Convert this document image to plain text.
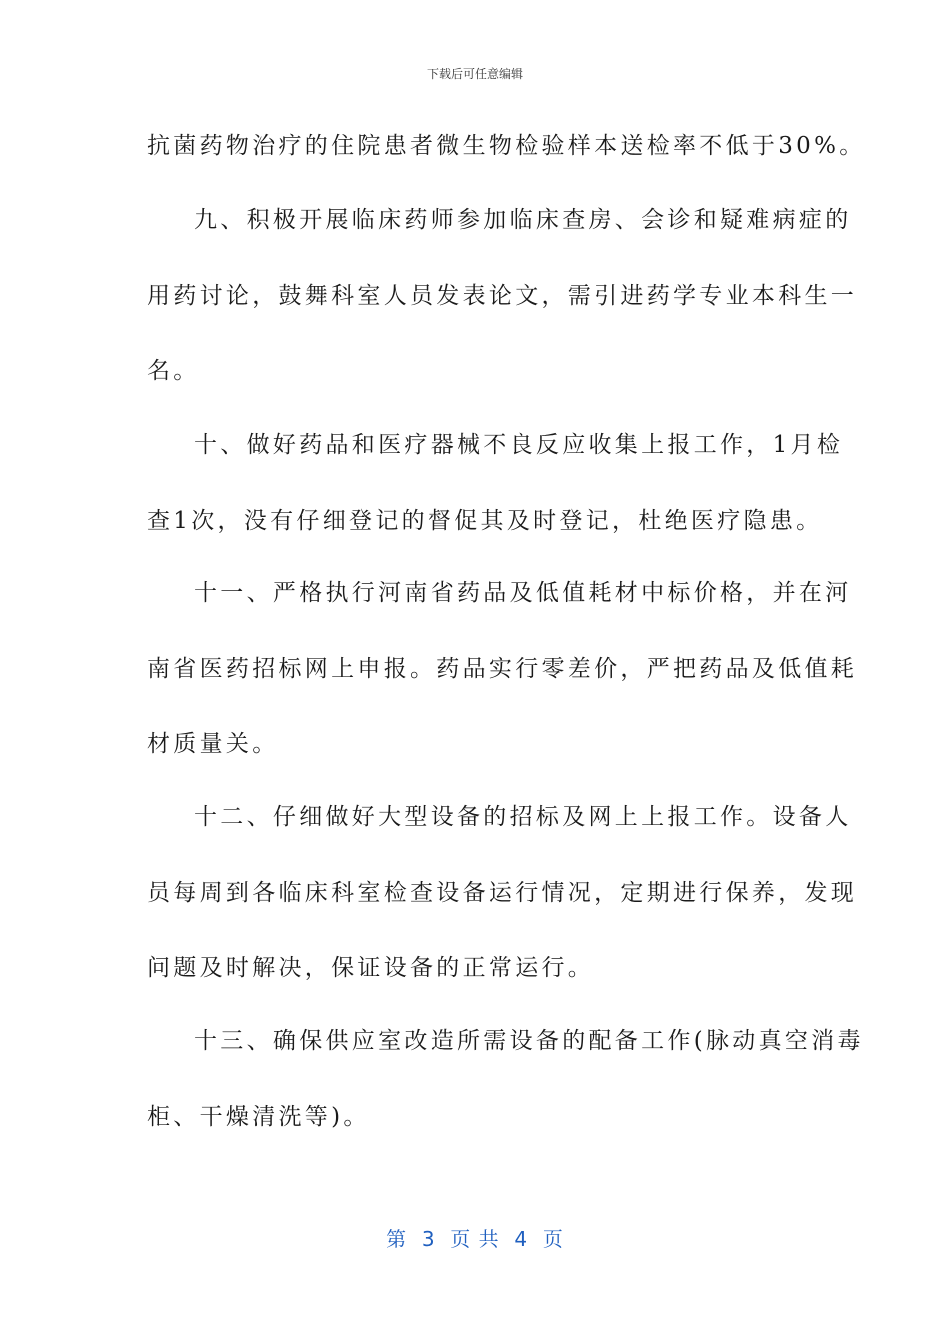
下载后可任意编辑
抗菌药物治疗的住院患者微生物检验样本送检率不低于30%。
九、积极开展临床药师参加临床查房、会诊和疑难病症的
用药讨论，鼓舞科室人员发表论文，需引进药学专业本科生一
名。
十、做好药品和医疗器械不良反应收集上报工作，1月检
查1次，没有仔细登记的督促其及时登记，杜绝医疗隐患。
十一、严格执行河南省药品及低值耗材中标价格，并在河
南省医药招标网上申报。药品实行零差价，严把药品及低值耗
材质量关。
十二、仔细做好大型设备的招标及网上上报工作。设备人
员每周到各临床科室检查设备运行情况，定期进行保养，发现
问题及时解决，保证设备的正常运行。
十三、确保供应室改造所需设备的配备工作(脉动真空消毒
柜、干燥清洗等)。
第  3  页 共  4  页
